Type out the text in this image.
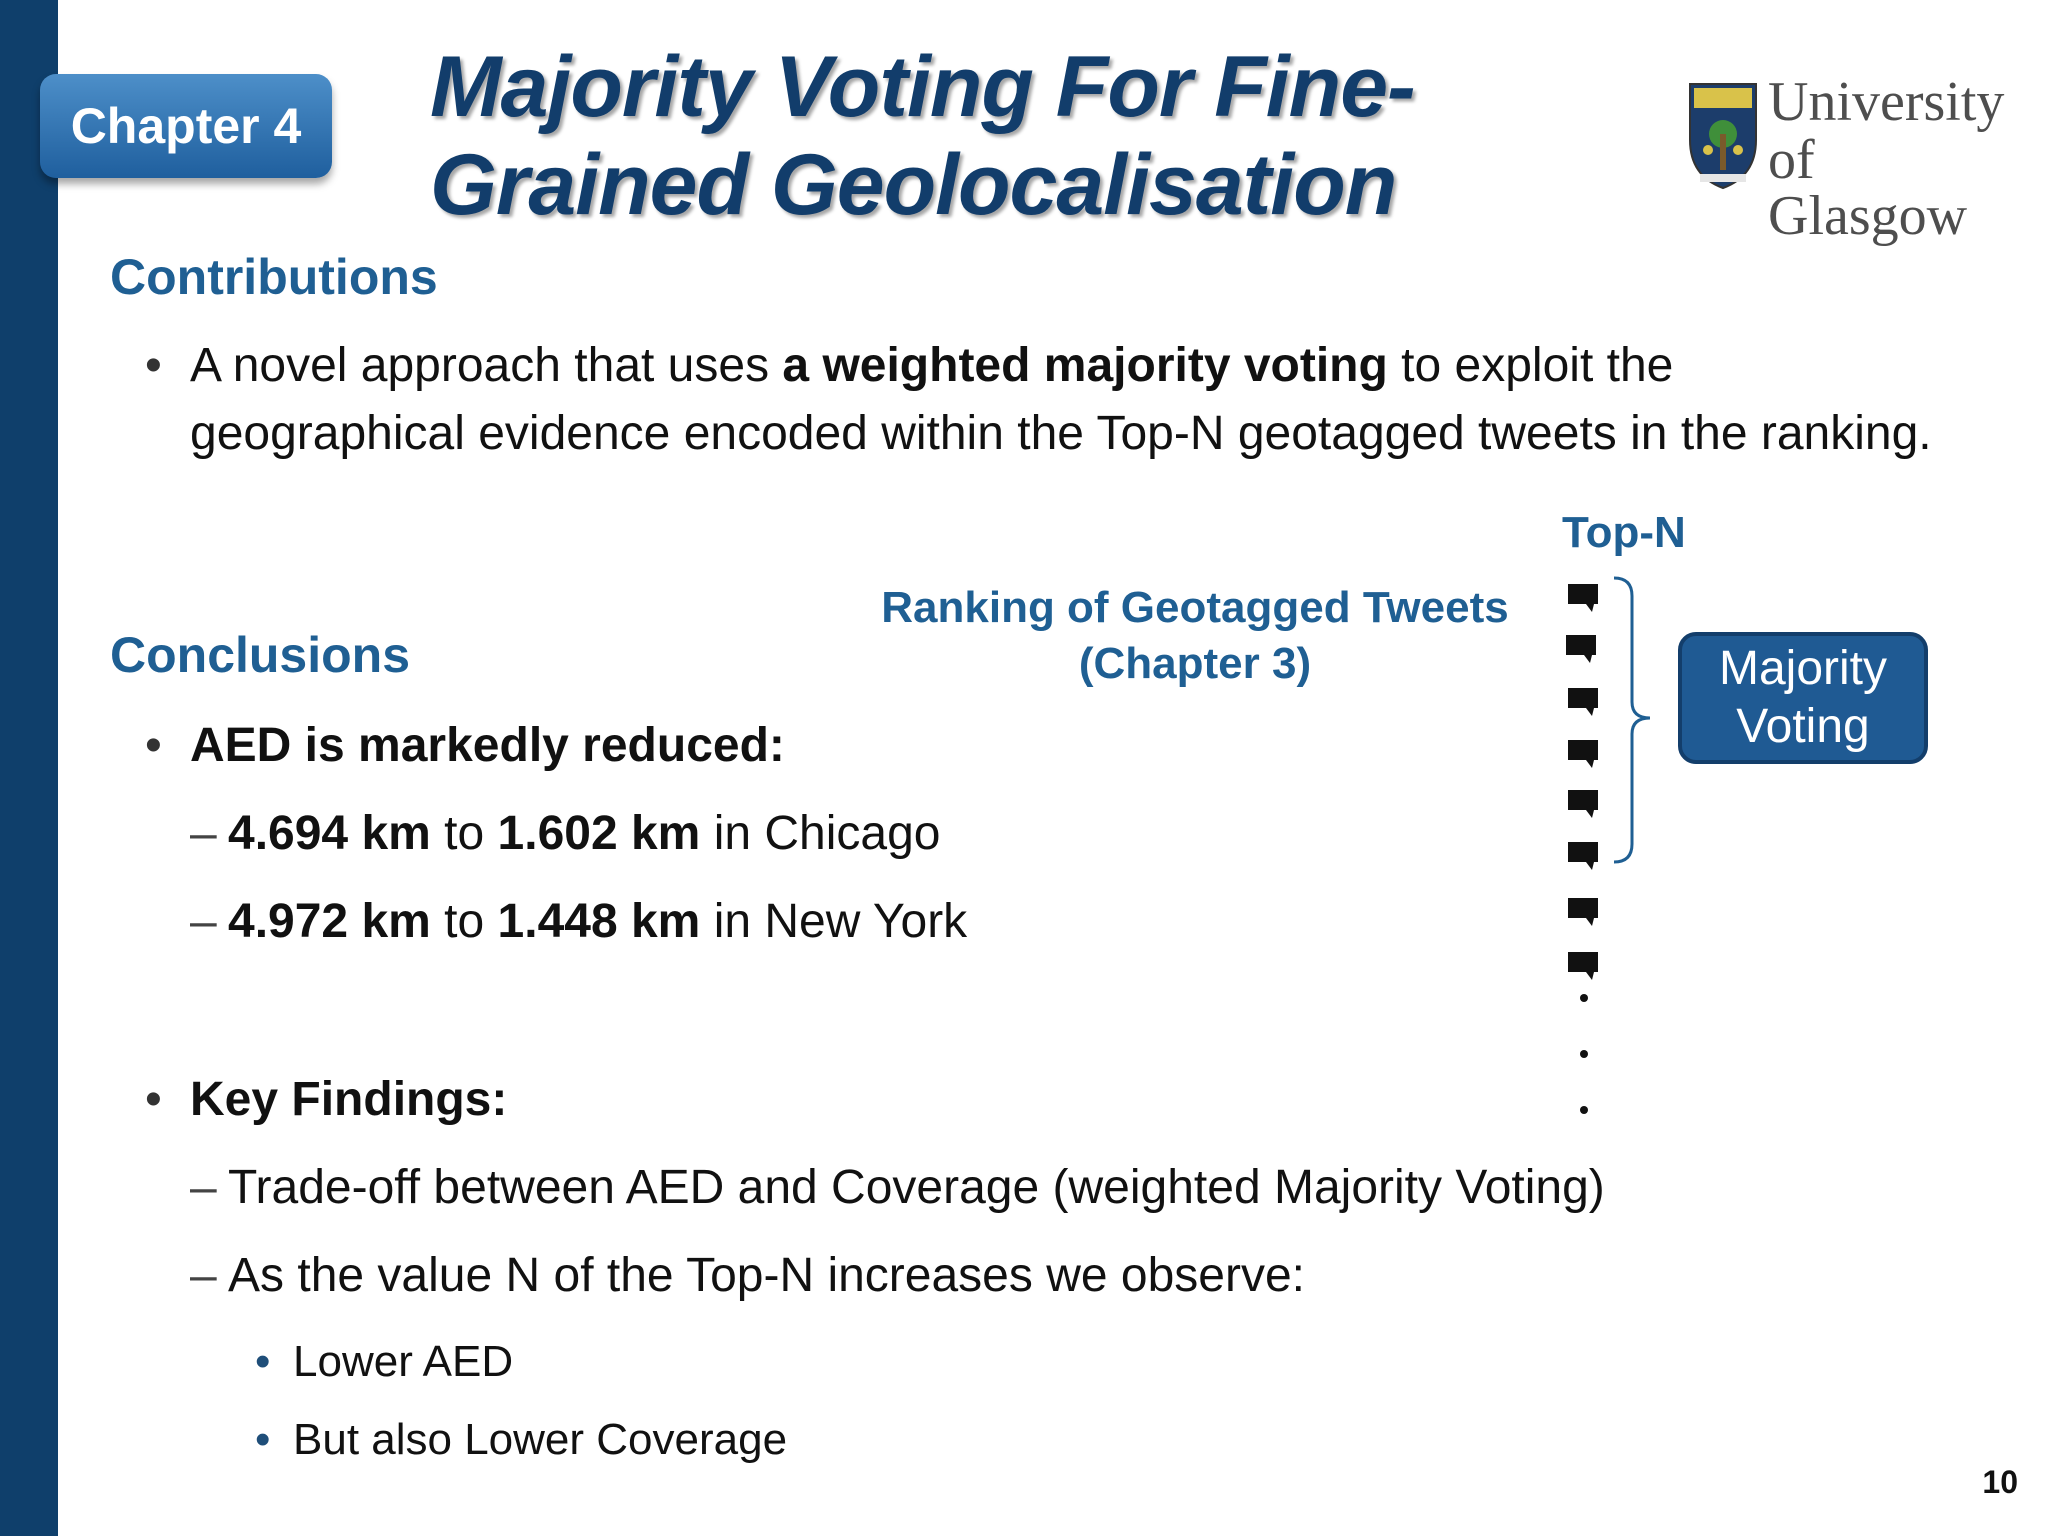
Chapter 4	Majority Voting For Fine-
Grained Geolocalisation
University
of Glasgow
Contributions
• A novel approach that uses a weighted majority voting to exploit the geographical evidence encoded within the Top-N geotagged tweets in the ranking.
Conclusions
• AED is markedly reduced:
– 4.694 km to 1.602 km in Chicago
– 4.972 km to 1.448 km in New York
• Key Findings:
– Trade-off between AED and Coverage (weighted Majority Voting)
– As the value N of the Top-N increases we observe:
• Lower AED
• But also Lower Coverage
Ranking of Geotagged Tweets
(Chapter 3)
Top-N
Majority
Voting
10
